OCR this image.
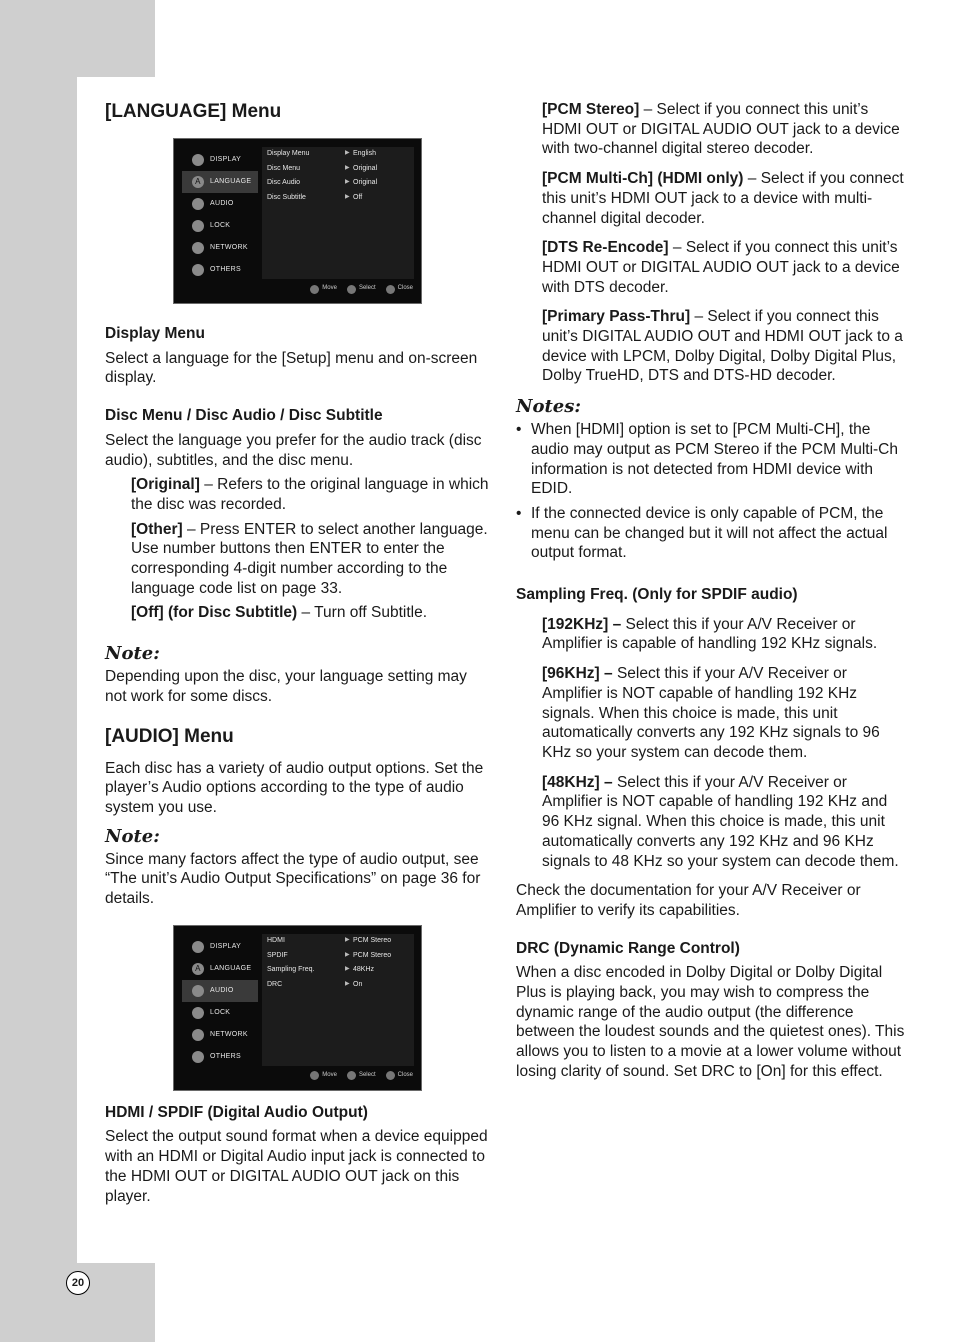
20
[LANGUAGE] Menu
DISPLAY
A	LANGUAGE
AUDIO
LOCK
NETWORK
OTHERS
Display Menu	▶ English
Disc Menu	▶ Original
Disc Audio	▶ Original
Disc Subtitle	▶ Off
Move	Select	Close
Display Menu

Select a language for the [Setup] menu and on-screen display.

Disc Menu / Disc Audio / Disc Subtitle

Select the language you prefer for the audio track (disc audio), subtitles, and the disc menu.

[Original] – Refers to the original language in which the disc was recorded.

[Other] – Press ENTER to select another language. Use number buttons then ENTER to enter the corresponding 4-digit number according to the language code list on page 33.

[Off] (for Disc Subtitle) – Turn off Subtitle.

Note:

Depending upon the disc, your language setting may not work for some discs.

[AUDIO] Menu

Each disc has a variety of audio output options. Set the player’s Audio options according to the type of audio system you use.

Note:

Since many factors affect the type of audio output, see “The unit’s Audio Output Specifications” on page 36 for details.

DISPLAY
A	LANGUAGE
AUDIO
LOCK
NETWORK
OTHERS
HDMI	▶ PCM Stereo
SPDIF	▶ PCM Stereo
Sampling Freq.	▶ 48KHz
DRC	▶ On
Move	Select	Close
HDMI / SPDIF (Digital Audio Output)

Select the output sound format when a device equipped with an HDMI or Digital Audio input jack is connected to the HDMI OUT or DIGITAL AUDIO OUT jack on this player.

[PCM Stereo] – Select if you connect this unit’s HDMI OUT or DIGITAL AUDIO OUT jack to a device with two-channel digital stereo decoder.

[PCM Multi-Ch] (HDMI only) – Select if you connect this unit’s HDMI OUT jack to a device with multi-channel digital decoder.

[DTS Re-Encode] – Select if you connect this unit’s HDMI OUT or DIGITAL AUDIO OUT jack to a device with DTS decoder.

[Primary Pass-Thru] – Select if you connect this unit’s DIGITAL AUDIO OUT and HDMI OUT jack to a device with LPCM, Dolby Digital, Dolby Digital Plus, Dolby TrueHD, DTS and DTS-HD decoder.

Notes:
• When [HDMI] option is set to [PCM Multi-CH], the audio may output as PCM Stereo if the PCM Multi-Ch information is not detected from HDMI device with EDID.
• If the connected device is only capable of PCM, the menu can be changed but it will not affect the actual output format.
Sampling Freq. (Only for SPDIF audio)

[192KHz] – Select this if your A/V Receiver or Amplifier is capable of handling 192 KHz signals.

[96KHz] – Select this if your A/V Receiver or Amplifier is NOT capable of handling 192 KHz signals. When this choice is made, this unit automatically converts any 192 KHz signals to 96 KHz so your system can decode them.

[48KHz] – Select this if your A/V Receiver or Amplifier is NOT capable of handling 192 KHz and 96 KHz signal. When this choice is made, this unit automatically converts any 192 KHz and 96 KHz signals to 48 KHz so your system can decode them.

Check the documentation for your A/V Receiver or Amplifier to verify its capabilities.

DRC (Dynamic Range Control)

When a disc encoded in Dolby Digital or Dolby Digital Plus is playing back, you may wish to compress the dynamic range of the audio output (the difference between the loudest sounds and the quietest ones). This allows you to listen to a movie at a lower volume without losing clarity of sound. Set DRC to [On] for this effect.
